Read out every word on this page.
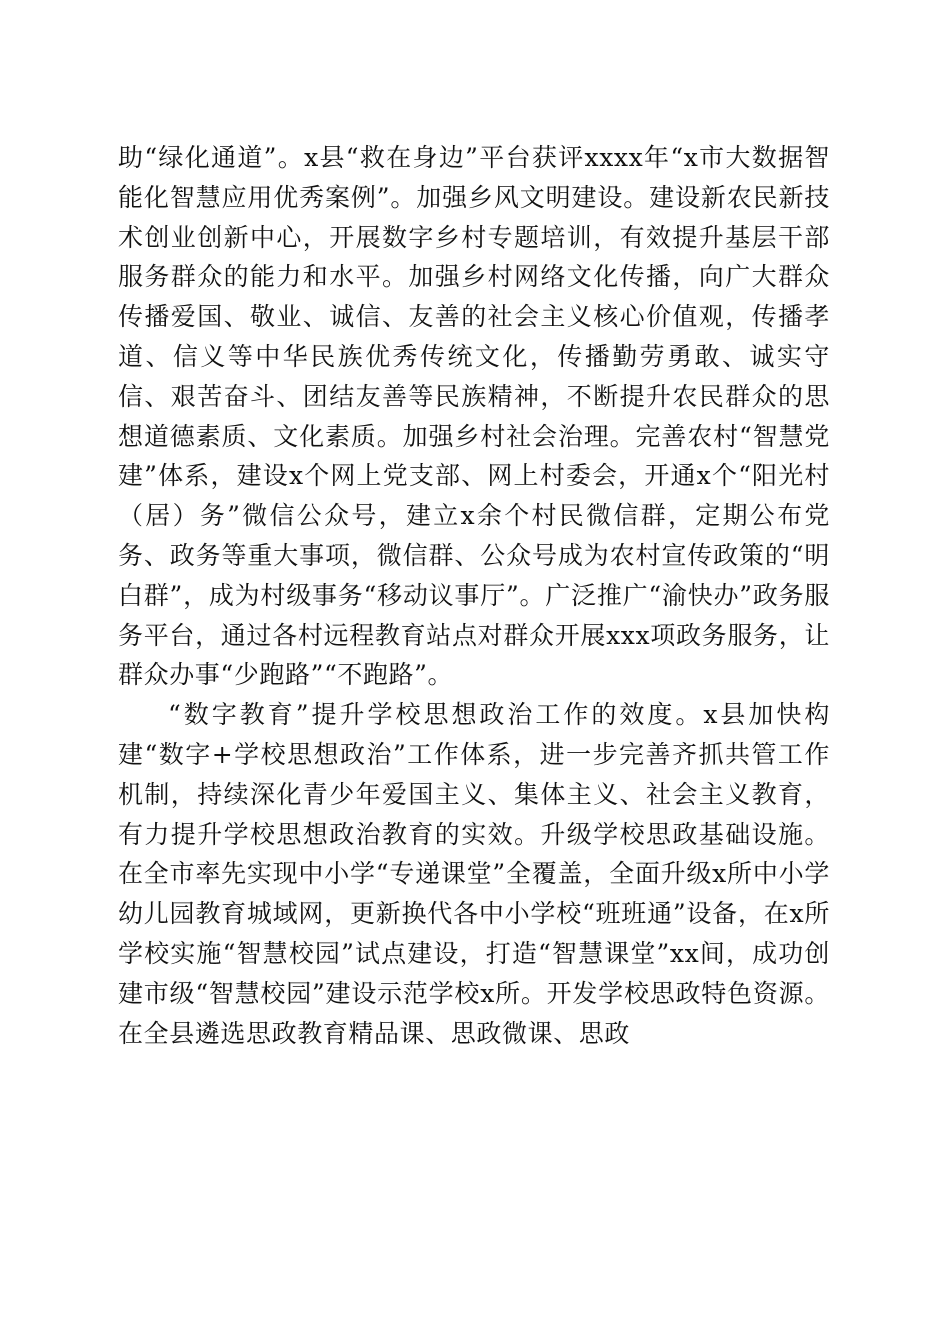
助“绿化通道”。x县“救在身边”平台获评xxxx年“x市大数据智能化智慧应用优秀案例”。加强乡风文明建设。建设新农民新技术创业创新中心，开展数字乡村专题培训，有效提升基层干部服务群众的能力和水平。加强乡村网络文化传播，向广大群众传播爱国、敬业、诚信、友善的社会主义核心价值观，传播孝道、信义等中华民族优秀传统文化，传播勤劳勇敢、诚实守信、艰苦奋斗、团结友善等民族精神，不断提升农民群众的思想道德素质、文化素质。加强乡村社会治理。完善农村“智慧党建”体系，建设x个网上党支部、网上村委会，开通x个“阳光村（居）务”微信公众号，建立x余个村民微信群，定期公布党务、政务等重大事项，微信群、公众号成为农村宣传政策的“明白群”，成为村级事务“移动议事厅”。广泛推广“渝快办”政务服务平台，通过各村远程教育站点对群众开展xxx项政务服务，让群众办事“少跑路”“不跑路”。

“数字教育”提升学校思想政治工作的效度。x县加快构建“数字+学校思想政治”工作体系，进一步完善齐抓共管工作机制，持续深化青少年爱国主义、集体主义、社会主义教育，有力提升学校思想政治教育的实效。升级学校思政基础设施。在全市率先实现中小学“专递课堂”全覆盖，全面升级x所中小学幼儿园教育城域网，更新换代各中小学校“班班通”设备，在x所学校实施“智慧校园”试点建设，打造“智慧课堂”xx间，成功创建市级“智慧校园”建设示范学校x所。开发学校思政特色资源。在全县遴选思政教育精品课、思政微课、思政
